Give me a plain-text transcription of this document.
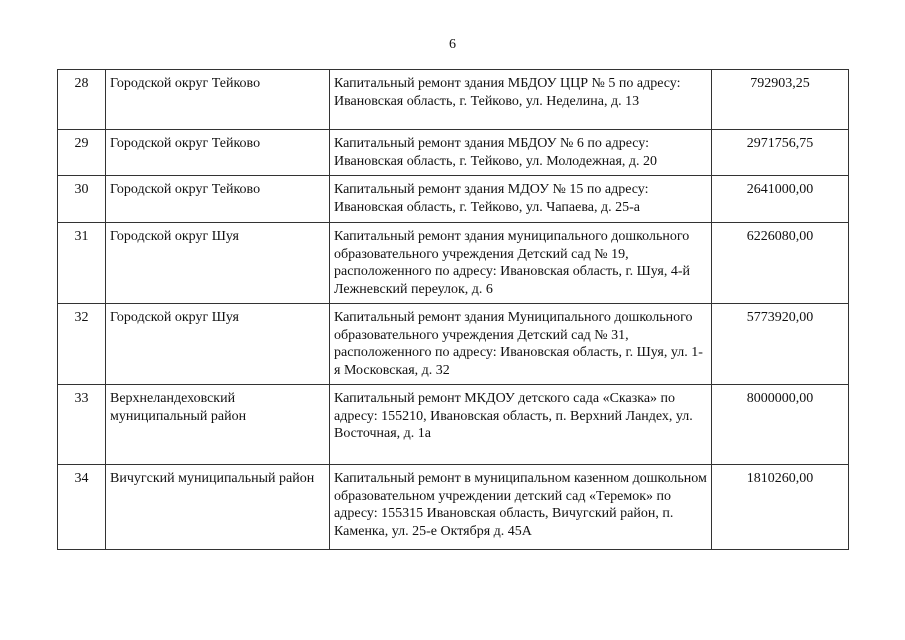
6
28	Городской округ Тейково	Капитальный ремонт здания МБДОУ ЦЦР № 5 по адресу: Ивановская область, г. Тейково, ул. Неделина, д. 13	792903,25
29	Городской округ Тейково	Капитальный ремонт здания МБДОУ № 6 по адресу: Ивановская область, г. Тейково, ул. Молодежная, д. 20	2971756,75
30	Городской округ Тейково	Капитальный ремонт здания МДОУ № 15 по адресу: Ивановская область, г. Тейково, ул. Чапаева, д. 25-а	2641000,00
31	Городской округ Шуя	Капитальный ремонт здания муниципального дошкольного образовательного учреждения Детский сад № 19, расположенного по адресу: Ивановская область, г. Шуя, 4-й Лежневский переулок, д. 6	6226080,00
32	Городской округ Шуя	Капитальный ремонт здания Муниципального дошкольного образовательного учреждения Детский сад № 31, расположенного по адресу: Ивановская область, г. Шуя, ул. 1-я Московская, д. 32	5773920,00
33	Верхнеландеховский муниципальный район	Капитальный ремонт МКДОУ детского сада «Сказка» по адресу: 155210, Ивановская область, п. Верхний Ландех, ул. Восточная, д. 1а	8000000,00
34	Вичугский муниципальный район	Капитальный ремонт в муниципальном казенном дошкольном образовательном учреждении детский сад «Теремок» по адресу: 155315 Ивановская область, Вичугский район, п. Каменка, ул. 25-е Октября д. 45А	1810260,00
